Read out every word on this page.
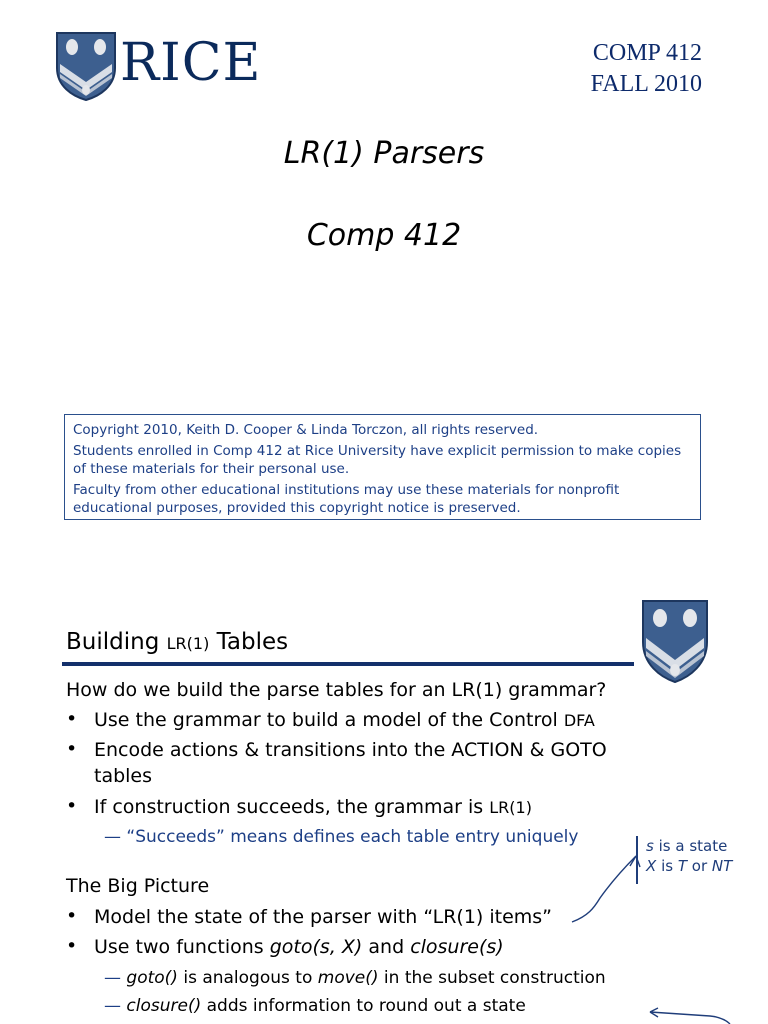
RICE	COMP 412
FALL 2010
LR(1) Parsers
Comp 412

Copyright 2010, Keith D. Cooper & Linda Torczon, all rights reserved.

Students enrolled in Comp 412 at Rice University have explicit permission to make copies of these materials for their personal use.

Faculty from other educational institutions may use these materials for nonprofit educational purposes, provided this copyright notice is preserved.

Building LR(1) Tables
How do we build the parse tables for an LR(1) grammar?
• Use the grammar to build a model of the Control DFA
• Encode actions & transitions into the ACTION & GOTO
tables
• If construction succeeds, the grammar is LR(1)
— “Succeeds” means defines each table entry uniquely
The Big Picture
• Model the state of the parser with “LR(1) items”
• Use two functions goto(s, X) and closure(s)
— goto() is analogous to move() in the subset construction
— closure() adds information to round out a state
s is a state
X is T or NT
